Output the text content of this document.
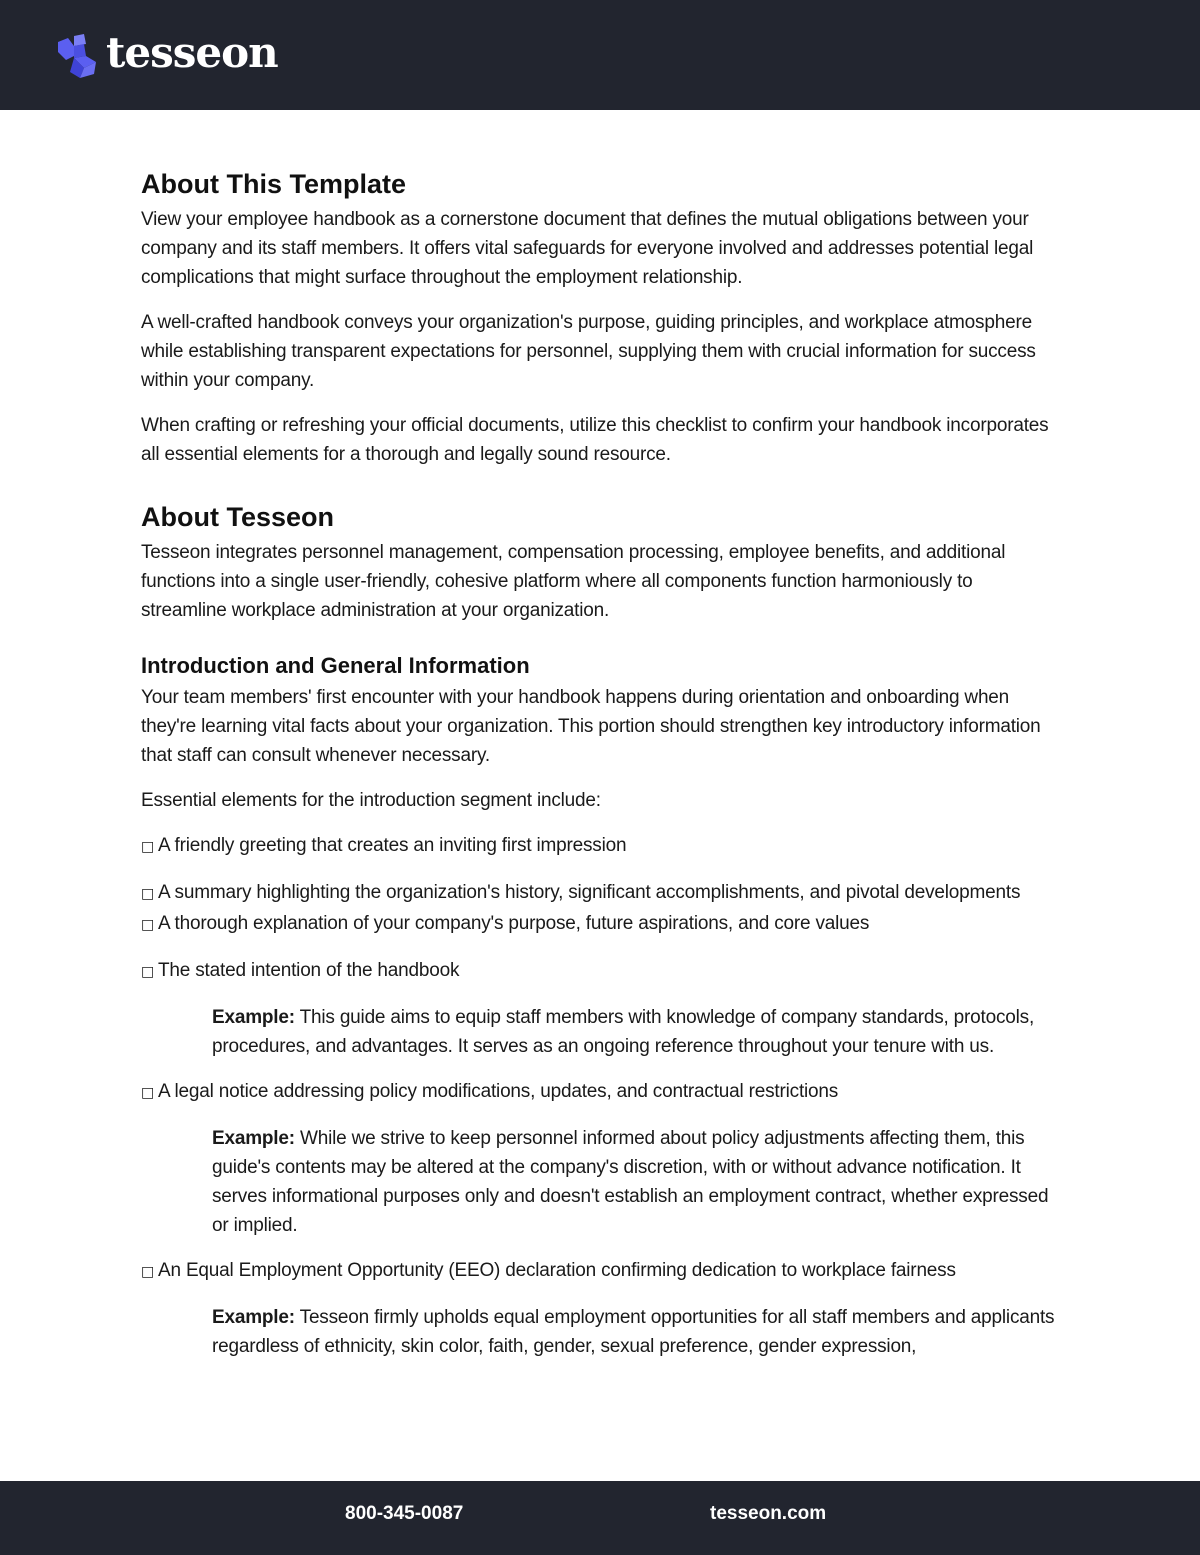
tesseon
About This Template

View your employee handbook as a cornerstone document that defines the mutual obligations between your company and its staff members. It offers vital safeguards for everyone involved and addresses potential legal complications that might surface throughout the employment relationship.

A well-crafted handbook conveys your organization's purpose, guiding principles, and workplace atmosphere while establishing transparent expectations for personnel, supplying them with crucial information for success within your company.

When crafting or refreshing your official documents, utilize this checklist to confirm your handbook incorporates all essential elements for a thorough and legally sound resource.

About Tesseon

Tesseon integrates personnel management, compensation processing, employee benefits, and additional functions into a single user-friendly, cohesive platform where all components function harmoniously to streamline workplace administration at your organization.

Introduction and General Information

Your team members' first encounter with your handbook happens during orientation and onboarding when they're learning vital facts about your organization. This portion should strengthen key introductory information that staff can consult whenever necessary.

Essential elements for the introduction segment include:

□ A friendly greeting that creates an inviting first impression

□ A summary highlighting the organization's history, significant accomplishments, and pivotal developments

□ A thorough explanation of your company's purpose, future aspirations, and core values

□ The stated intention of the handbook

Example: This guide aims to equip staff members with knowledge of company standards, protocols, procedures, and advantages. It serves as an ongoing reference throughout your tenure with us.

□ A legal notice addressing policy modifications, updates, and contractual restrictions

Example: While we strive to keep personnel informed about policy adjustments affecting them, this guide's contents may be altered at the company's discretion, with or without advance notification. It serves informational purposes only and doesn't establish an employment contract, whether expressed or implied.

□ An Equal Employment Opportunity (EEO) declaration confirming dedication to workplace fairness

Example: Tesseon firmly upholds equal employment opportunities for all staff members and applicants regardless of ethnicity, skin color, faith, gender, sexual preference, gender expression,

800-345-0087	tesseon.com
